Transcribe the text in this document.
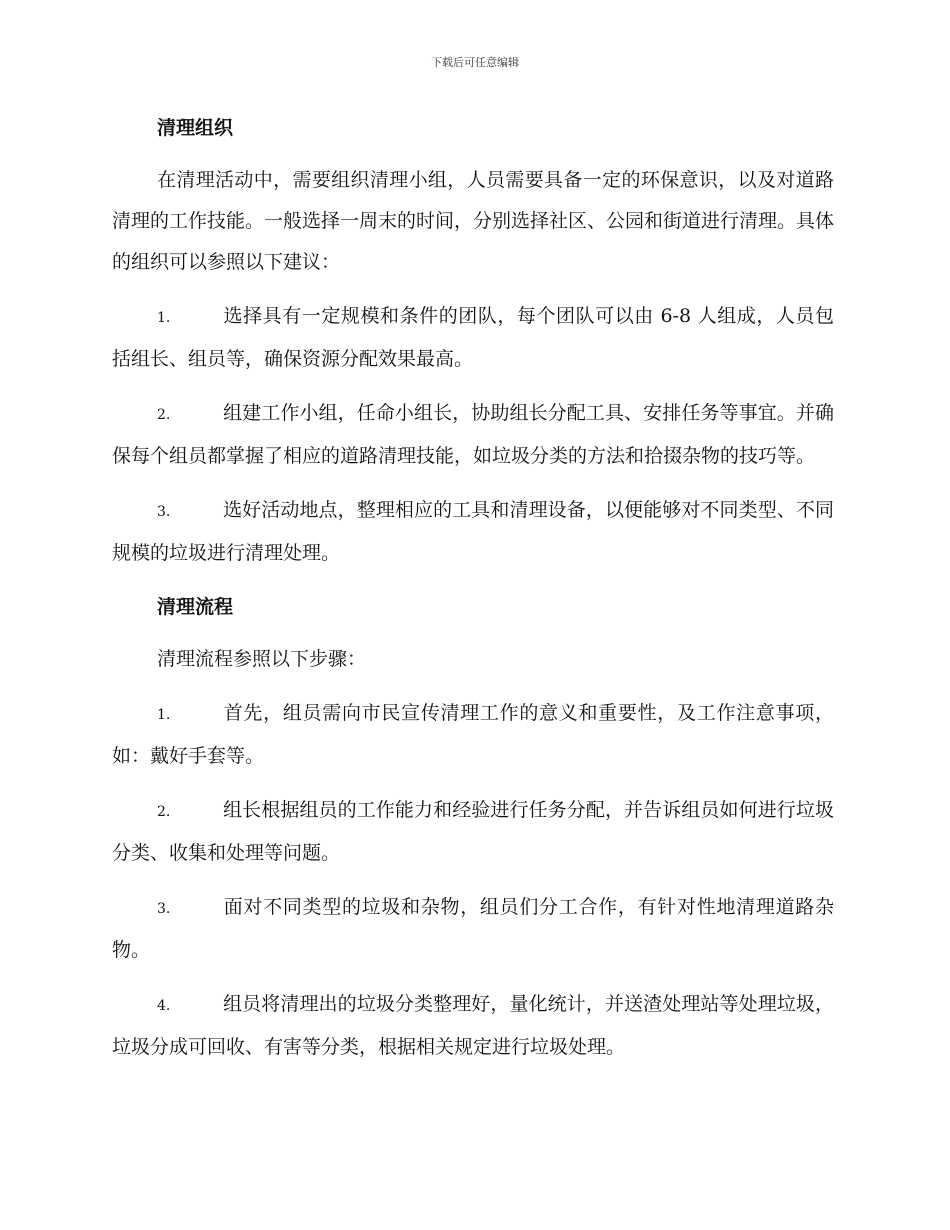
下载后可任意编辑
清理组织

在清理活动中，需要组织清理小组，人员需要具备一定的环保意识，以及对道路清理的工作技能。一般选择一周末的时间，分别选择社区、公园和街道进行清理。具体的组织可以参照以下建议：

1.	选择具有一定规模和条件的团队，每个团队可以由 6-8 人组成，人员包括组长、组员等，确保资源分配效果最高。

2.	组建工作小组，任命小组长，协助组长分配工具、安排任务等事宜。并确保每个组员都掌握了相应的道路清理技能，如垃圾分类的方法和拾掇杂物的技巧等。

3.	选好活动地点，整理相应的工具和清理设备，以便能够对不同类型、不同规模的垃圾进行清理处理。

清理流程

清理流程参照以下步骤：

1.	首先，组员需向市民宣传清理工作的意义和重要性，及工作注意事项，如：戴好手套等。

2.	组长根据组员的工作能力和经验进行任务分配，并告诉组员如何进行垃圾分类、收集和处理等问题。

3.	面对不同类型的垃圾和杂物，组员们分工合作，有针对性地清理道路杂物。

4.	组员将清理出的垃圾分类整理好，量化统计，并送渣处理站等处理垃圾，垃圾分成可回收、有害等分类，根据相关规定进行垃圾处理。
